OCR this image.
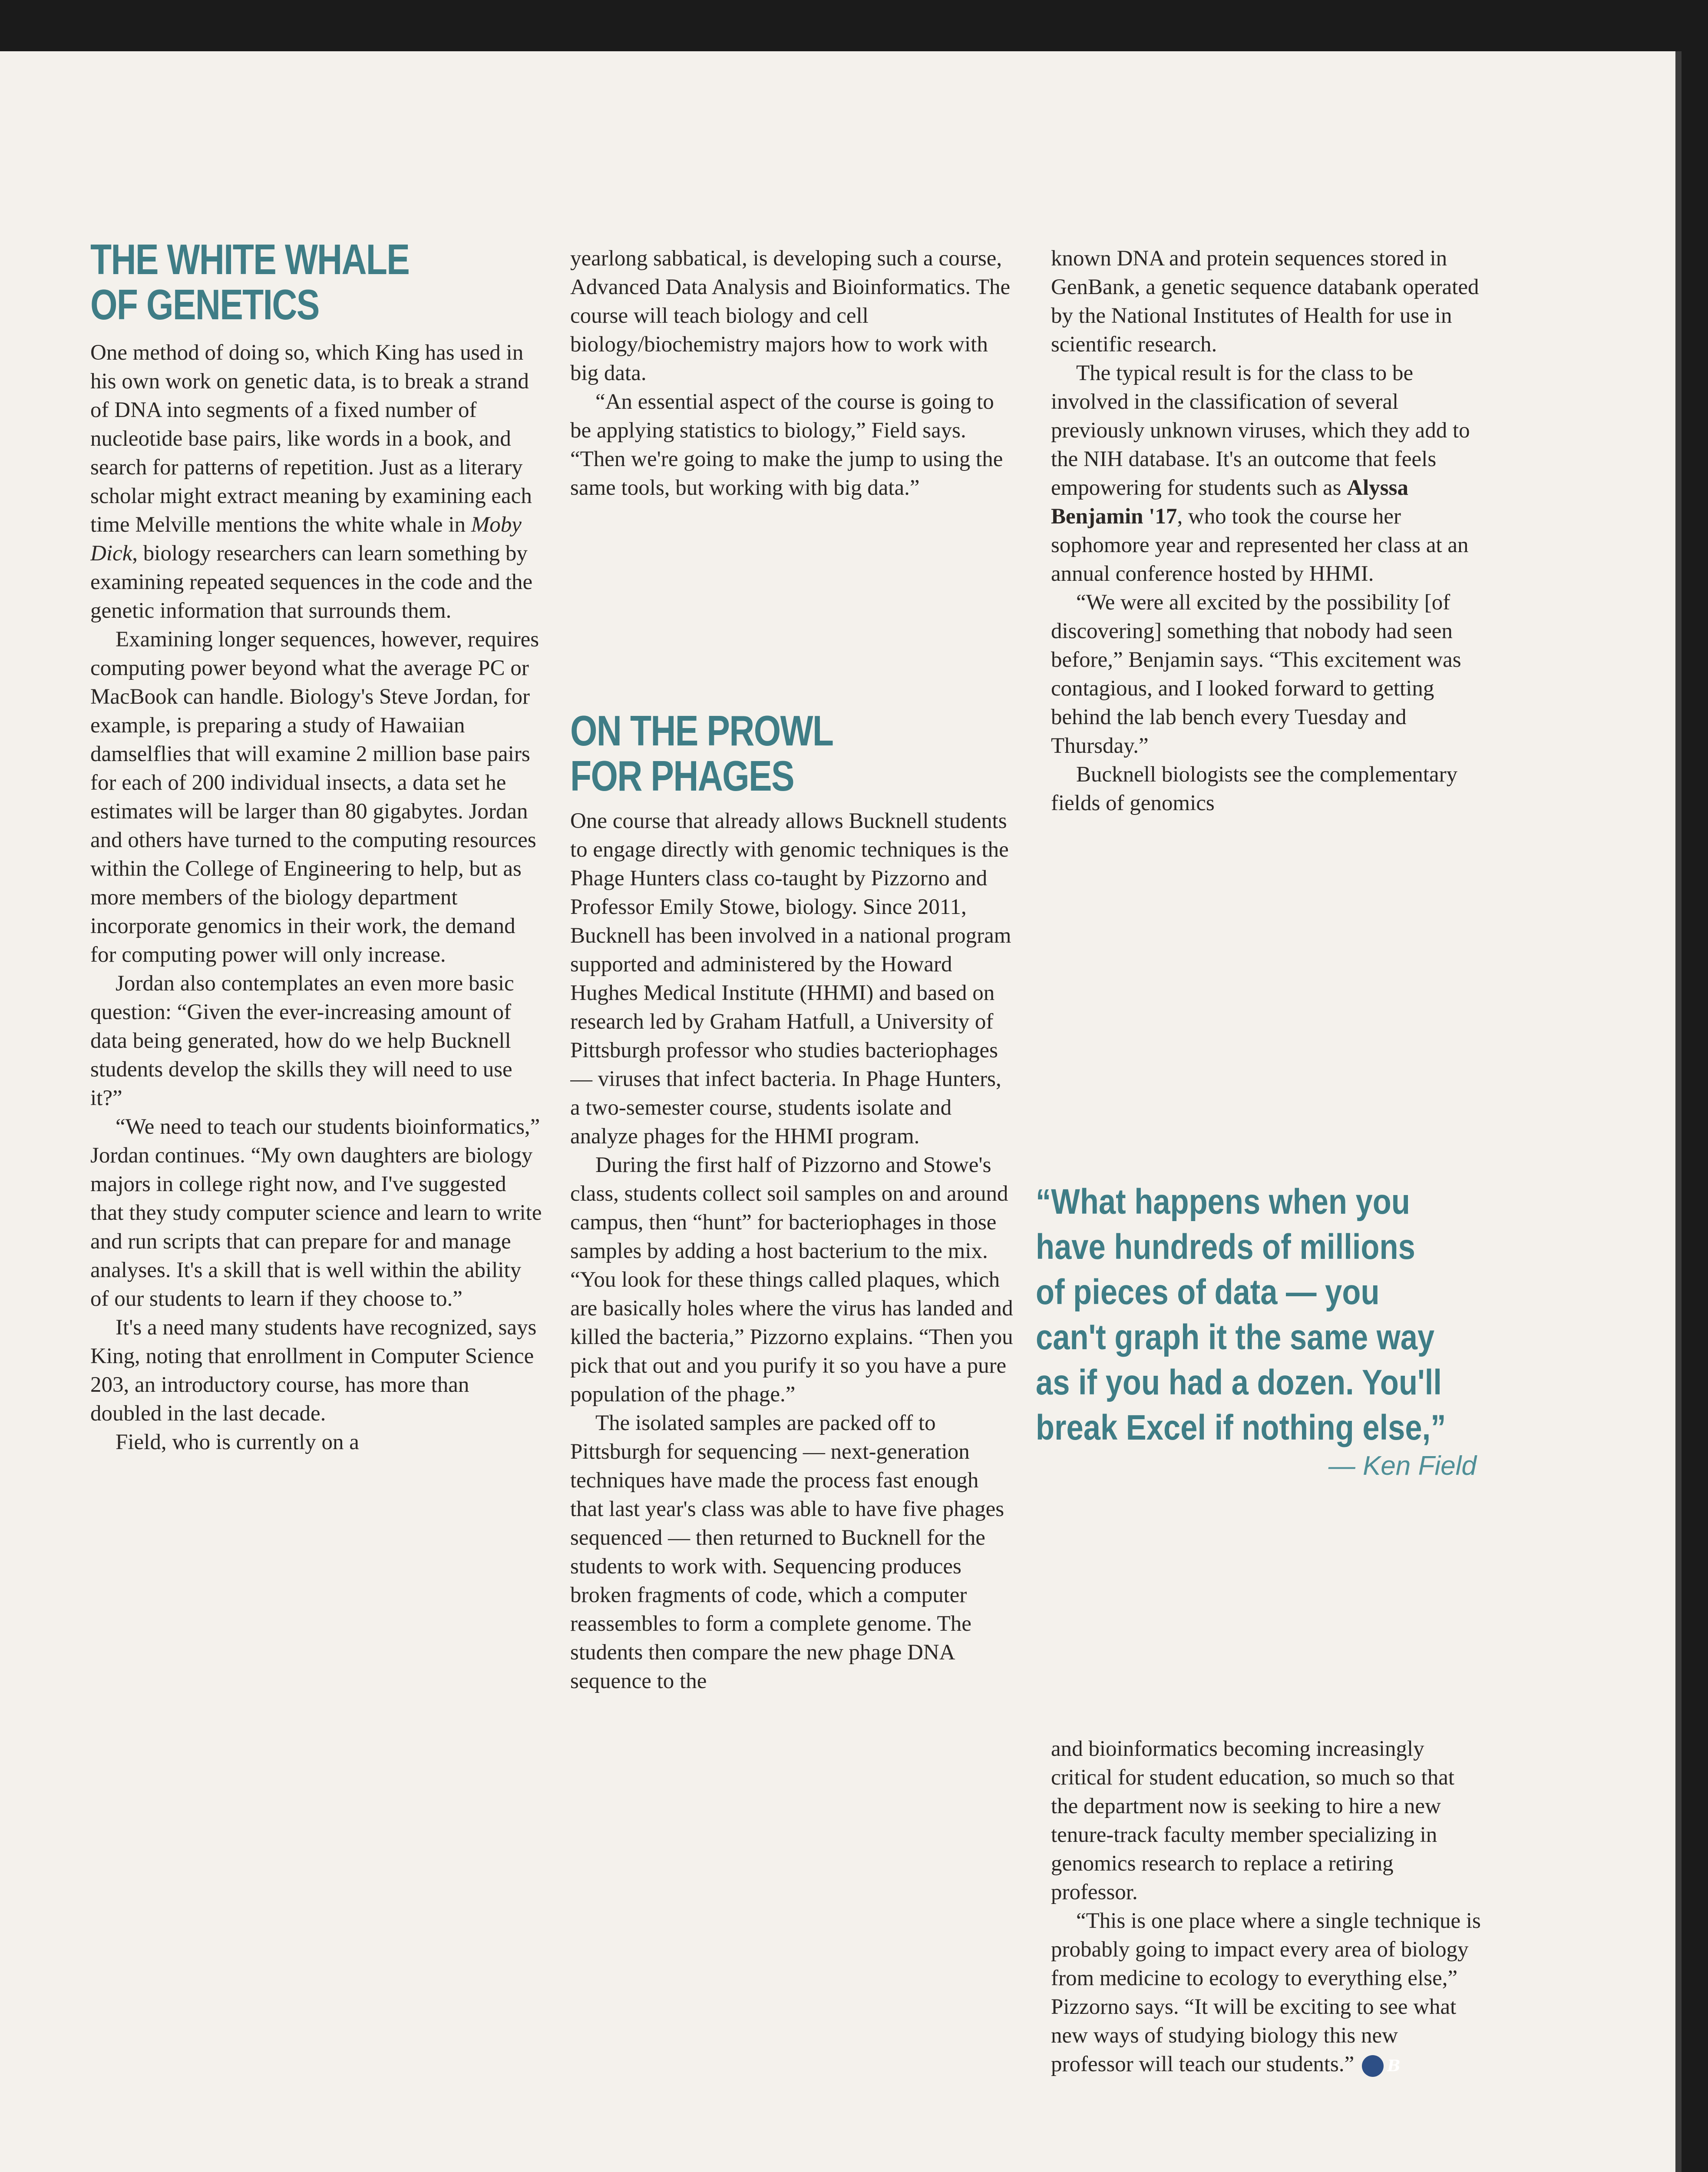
THE WHITE WHALE
OF GENETICS

One method of doing so, which King has used in his own work on genetic data, is to break a strand of DNA into segments of a fixed number of nucleotide base pairs, like words in a book, and search for patterns of repetition. Just as a literary scholar might extract meaning by examining each time Melville mentions the white whale in Moby Dick, biology researchers can learn something by examining repeated sequences in the code and the genetic information that surrounds them.

Examining longer sequences, however, requires computing power beyond what the average PC or MacBook can handle. Biology's Steve Jordan, for example, is preparing a study of Hawaiian damselflies that will examine 2 million base pairs for each of 200 individual insects, a data set he estimates will be larger than 80 gigabytes. Jordan and others have turned to the computing resources within the College of Engineering to help, but as more members of the biology department incorporate genomics in their work, the demand for computing power will only increase.

Jordan also contemplates an even more basic question: “Given the ever-increasing amount of data being generated, how do we help Bucknell students develop the skills they will need to use it?”

“We need to teach our students bioinformatics,” Jordan continues. “My own daughters are biology majors in college right now, and I've suggested that they study computer science and learn to write and run scripts that can prepare for and manage analyses. It's a skill that is well within the ability of our students to learn if they choose to.”

It's a need many students have recognized, says King, noting that enrollment in Computer Science 203, an introductory course, has more than doubled in the last decade.

Field, who is currently on a

yearlong sabbatical, is developing such a course, Advanced Data Analysis and Bioinformatics. The course will teach biology and cell biology/biochemistry majors how to work with big data.

“An essential aspect of the course is going to be applying statistics to biology,” Field says. “Then we're going to make the jump to using the same tools, but working with big data.”

ON THE PROWL
FOR PHAGES

One course that already allows Bucknell students to engage directly with genomic techniques is the Phage Hunters class co-taught by Pizzorno and Professor Emily Stowe, biology. Since 2011, Bucknell has been involved in a national program supported and administered by the Howard Hughes Medical Institute (HHMI) and based on research led by Graham Hatfull, a University of Pittsburgh professor who studies bacteriophages — viruses that infect bacteria. In Phage Hunters, a two-semester course, students isolate and analyze phages for the HHMI program.

During the first half of Pizzorno and Stowe's class, students collect soil samples on and around campus, then “hunt” for bacteriophages in those samples by adding a host bacterium to the mix. “You look for these things called plaques, which are basically holes where the virus has landed and killed the bacteria,” Pizzorno explains. “Then you pick that out and you purify it so you have a pure population of the phage.”

The isolated samples are packed off to Pittsburgh for sequencing — next-generation techniques have made the process fast enough that last year's class was able to have five phages sequenced — then returned to Bucknell for the students to work with. Sequencing produces broken fragments of code, which a computer reassembles to form a complete genome. The students then compare the new phage DNA sequence to the

known DNA and protein sequences stored in GenBank, a genetic sequence databank operated by the National Institutes of Health for use in scientific research.

The typical result is for the class to be involved in the classification of several previously unknown viruses, which they add to the NIH database. It's an outcome that feels empowering for students such as Alyssa Benjamin '17, who took the course her sophomore year and represented her class at an annual conference hosted by HHMI.

“We were all excited by the possibility [of discovering] something that nobody had seen before,” Benjamin says. “This excitement was contagious, and I looked forward to getting behind the lab bench every Tuesday and Thursday.”

Bucknell biologists see the complementary fields of genomics

“What happens when you have hundreds of millions of pieces of data — you can't graph it the same way as if you had a dozen. You'll break Excel if nothing else,”

— Ken Field

and bioinformatics becoming increasingly critical for student education, so much so that the department now is seeking to hire a new tenure-track faculty member specializing in genomics research to replace a retiring professor.

“This is one place where a single technique is probably going to impact every area of biology from medicine to ecology to everything else,” Pizzorno says. “It will be exciting to see what new ways of studying biology this new professor will teach our students.” B
